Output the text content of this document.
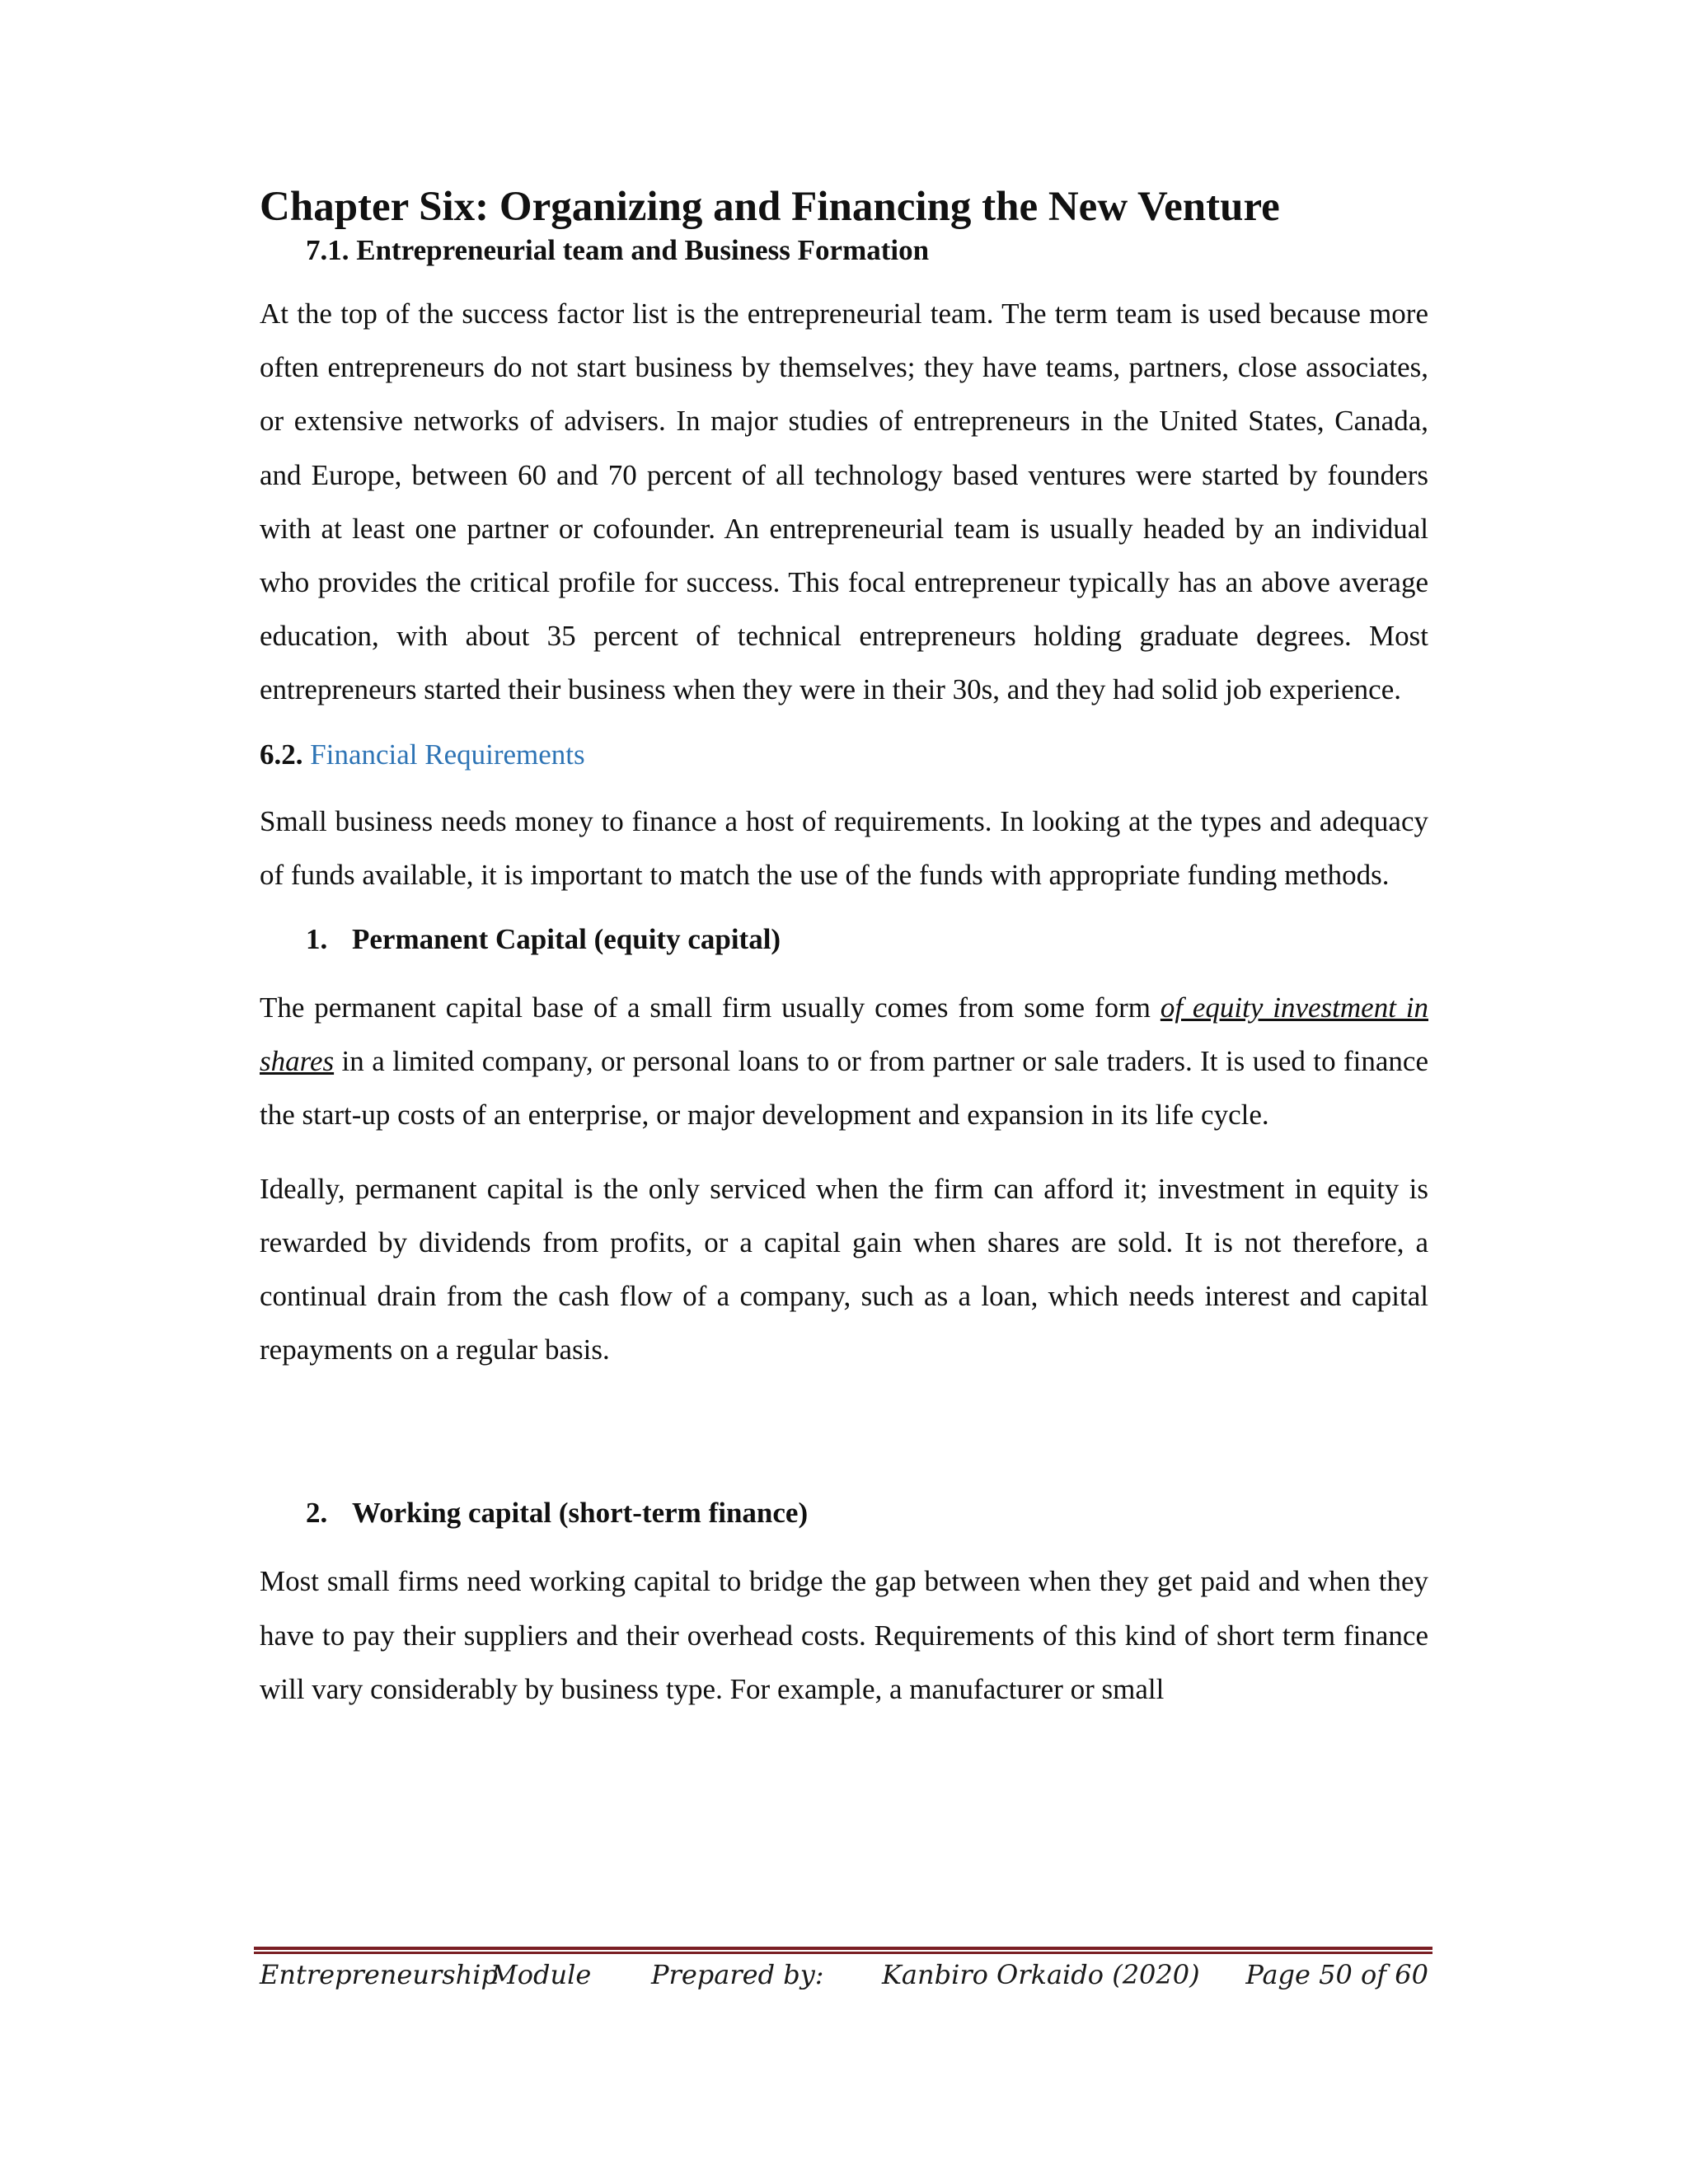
Chapter Six: Organizing and Financing the New Venture
7.1. Entrepreneurial team and Business Formation

At the top of the success factor list is the entrepreneurial team. The term team is used because more often entrepreneurs do not start business by themselves; they have teams, partners, close associates, or extensive networks of advisers. In major studies of entrepreneurs in the United States, Canada, and Europe, between 60 and 70 percent of all technology based ventures were started by founders with at least one partner or cofounder. An entrepreneurial team is usually headed by an individual who provides the critical profile for success. This focal entrepreneur typically has an above average education, with about 35 percent of technical entrepreneurs holding graduate degrees. Most entrepreneurs started their business when they were in their 30s, and they had solid job experience.

6.2. Financial Requirements

Small business needs money to finance a host of requirements. In looking at the types and adequacy of funds available, it is important to match the use of the funds with appropriate funding methods.

1. Permanent Capital (equity capital)

The permanent capital base of a small firm usually comes from some form of equity investment in shares in a limited company, or personal loans to or from partner or sale traders. It is used to finance the start-up costs of an enterprise, or major development and expansion in its life cycle.

Ideally, permanent capital is the only serviced when the firm can afford it; investment in equity is rewarded by dividends from profits, or a capital gain when shares are sold. It is not therefore, a continual drain from the cash flow of a company, such as a loan, which needs interest and capital repayments on a regular basis.

2. Working capital (short-term finance)

Most small firms need working capital to bridge the gap between when they get paid and when they have to pay their suppliers and their overhead costs. Requirements of this kind of short term finance will vary considerably by business type. For example, a manufacturer or small

Entrepreneurship
Module Prepared by: Kanbiro Orkaido (2020) Page 50 of 60
